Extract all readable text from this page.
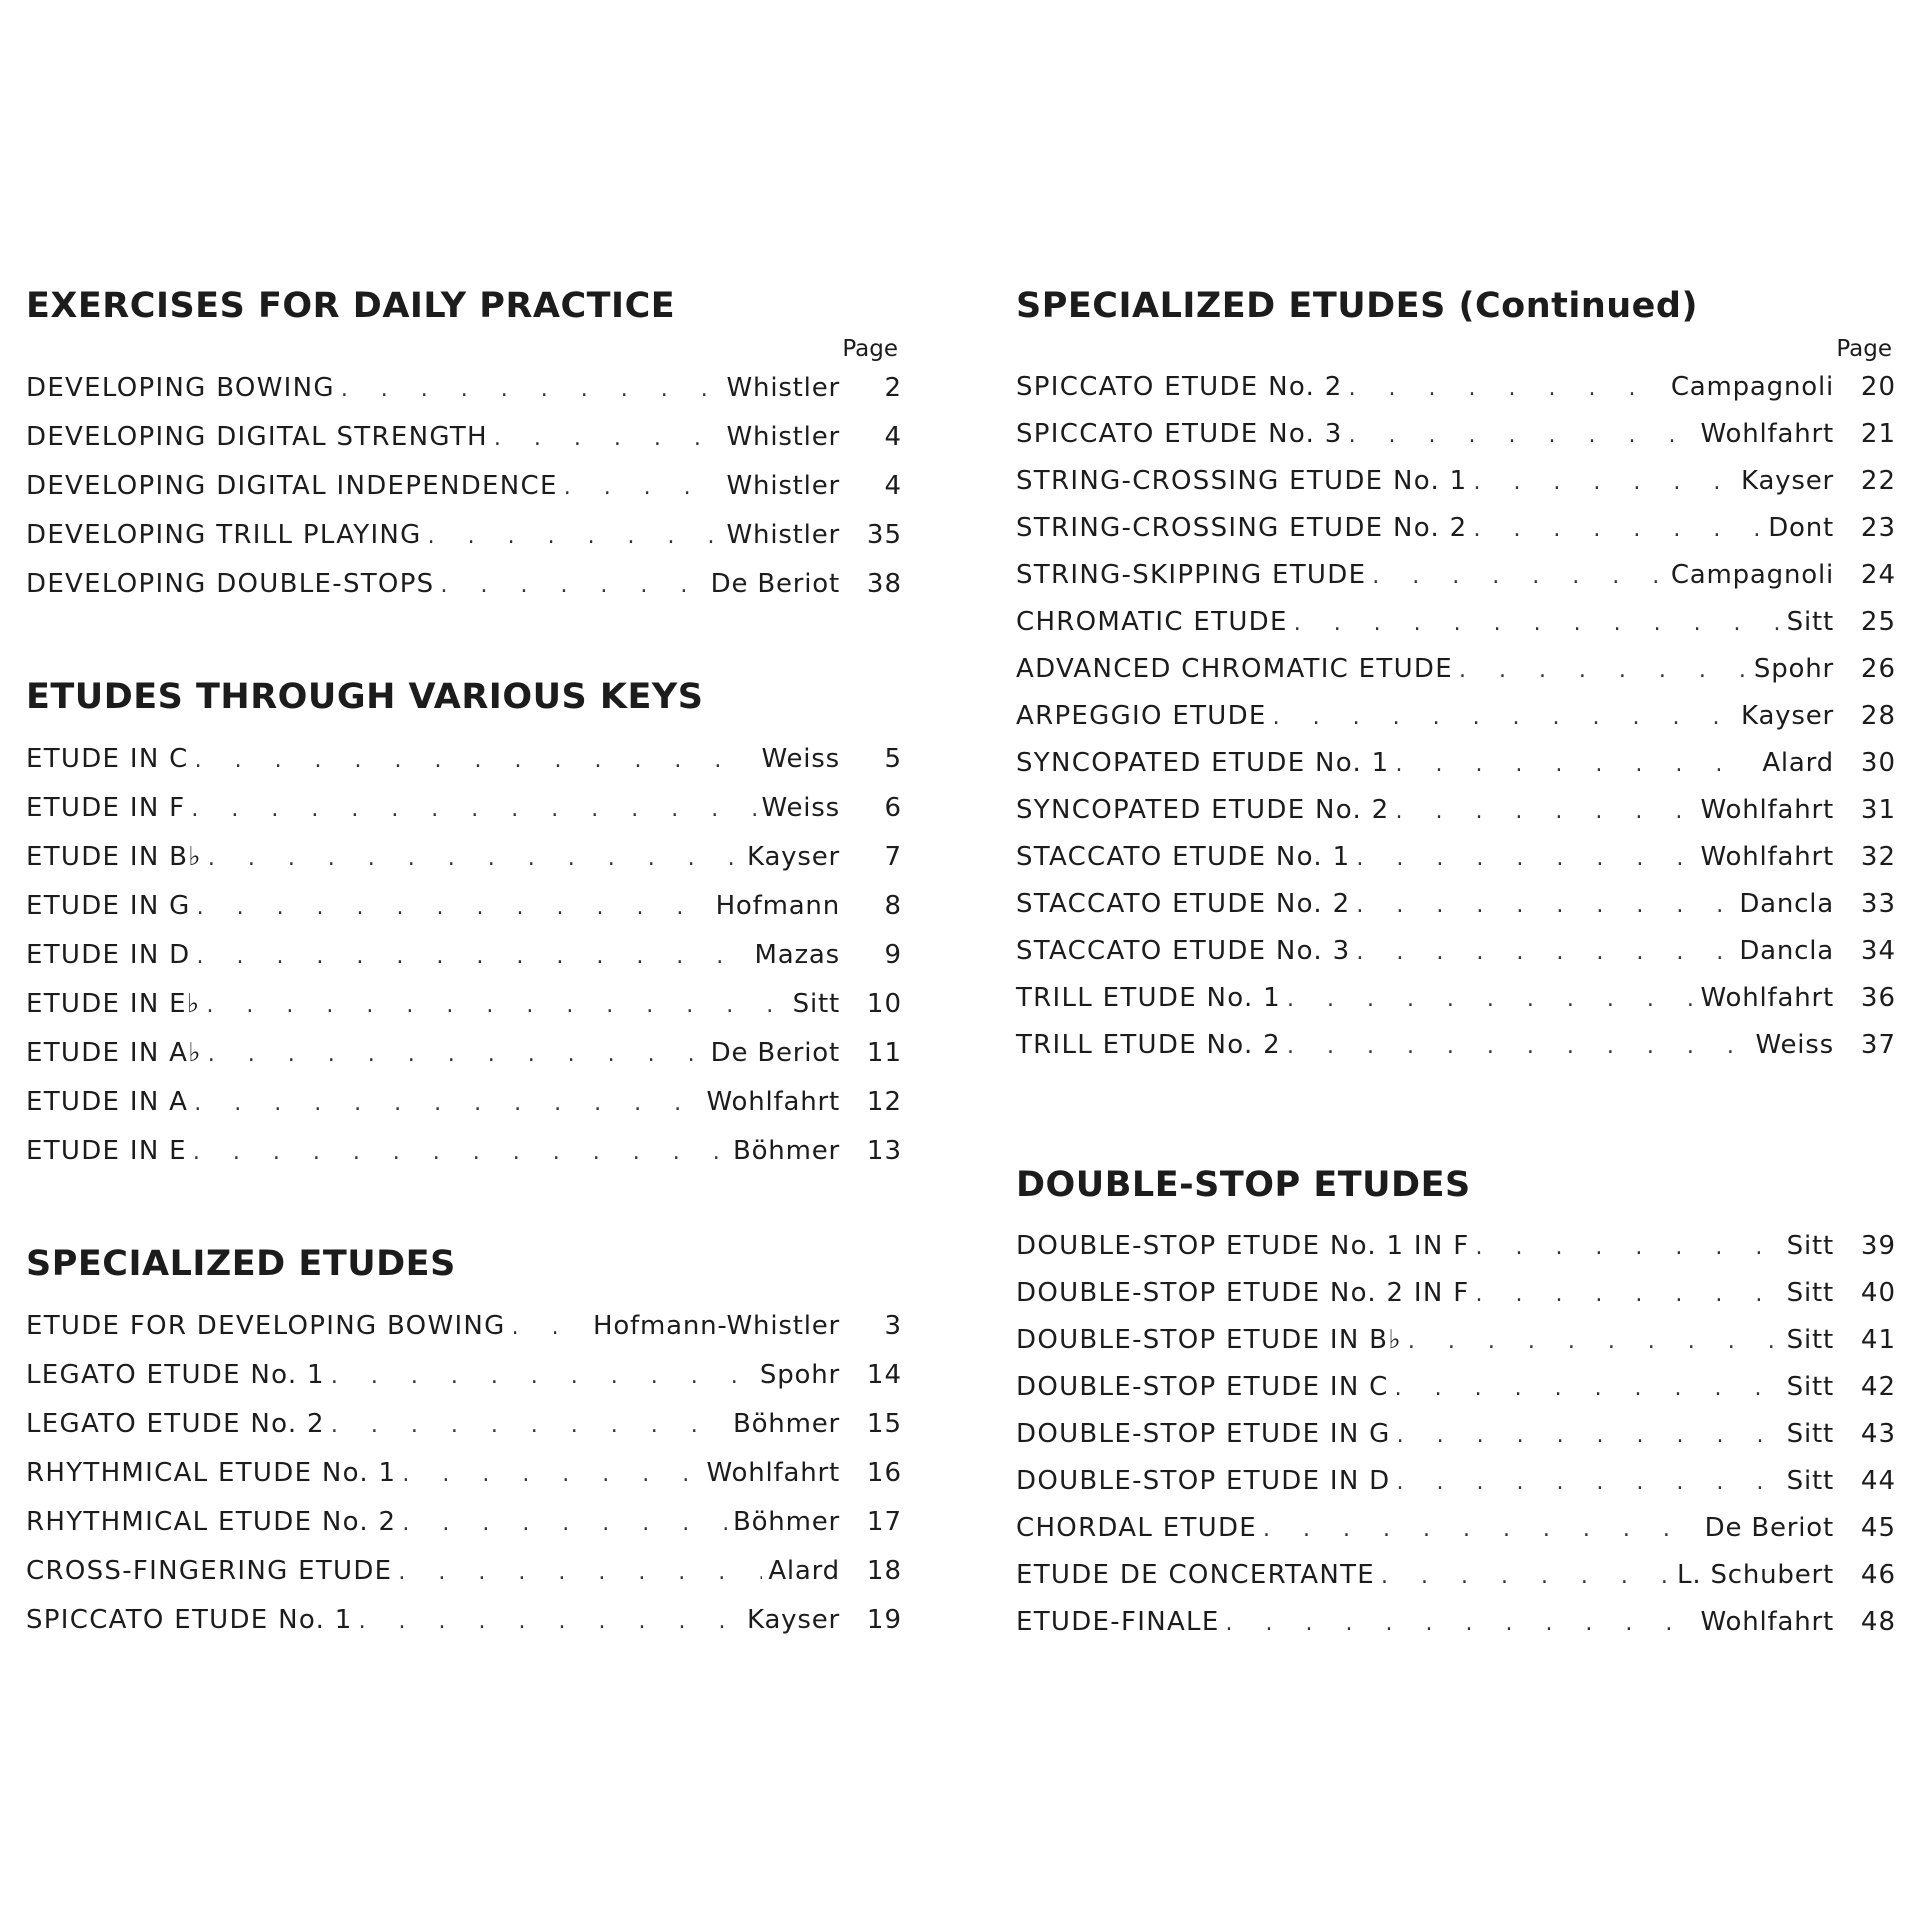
EXERCISES FOR DAILY PRACTICE
Page
DEVELOPING BOWING . . .	Whistler	2
DEVELOPING DIGITAL STRENGTH . . .	Whistler	4
DEVELOPING DIGITAL INDEPENDENCE . . .	Whistler	4
DEVELOPING TRILL PLAYING . . .	Whistler	35
DEVELOPING DOUBLE-STOPS . . .	De Beriot	38
ETUDES THROUGH VARIOUS KEYS
ETUDE IN C . . .	Weiss	5
ETUDE IN F . . .	Weiss	6
ETUDE IN B♭ . . .	Kayser	7
ETUDE IN G . . .	Hofmann	8
ETUDE IN D . . .	Mazas	9
ETUDE IN E♭ . . .	Sitt	10
ETUDE IN A♭ . . .	De Beriot	11
ETUDE IN A . . .	Wohlfahrt	12
ETUDE IN E . . .	Böhmer	13
SPECIALIZED ETUDES
ETUDE FOR DEVELOPING BOWING . . .	Hofmann-Whistler	3
LEGATO ETUDE No. 1 . . .	Spohr	14
LEGATO ETUDE No. 2 . . .	Böhmer	15
RHYTHMICAL ETUDE No. 1 . . .	Wohlfahrt	16
RHYTHMICAL ETUDE No. 2 . . .	Böhmer	17
CROSS-FINGERING ETUDE . . .	Alard	18
SPICCATO ETUDE No. 1 . . .	Kayser	19
SPECIALIZED ETUDES (Continued)
Page
SPICCATO ETUDE No. 2 . . .	Campagnoli	20
SPICCATO ETUDE No. 3 . . .	Wohlfahrt	21
STRING-CROSSING ETUDE No. 1 . . .	Kayser	22
STRING-CROSSING ETUDE No. 2 . . .	Dont	23
STRING-SKIPPING ETUDE . . .	Campagnoli	24
CHROMATIC ETUDE . . .	Sitt	25
ADVANCED CHROMATIC ETUDE . . .	Spohr	26
ARPEGGIO ETUDE . . .	Kayser	28
SYNCOPATED ETUDE No. 1 . . .	Alard	30
SYNCOPATED ETUDE No. 2 . . .	Wohlfahrt	31
STACCATO ETUDE No. 1 . . .	Wohlfahrt	32
STACCATO ETUDE No. 2 . . .	Dancla	33
STACCATO ETUDE No. 3 . . .	Dancla	34
TRILL ETUDE No. 1 . . .	Wohlfahrt	36
TRILL ETUDE No. 2 . . .	Weiss	37
DOUBLE-STOP ETUDES
DOUBLE-STOP ETUDE No. 1 IN F . . .	Sitt	39
DOUBLE-STOP ETUDE No. 2 IN F . . .	Sitt	40
DOUBLE-STOP ETUDE IN B♭ . . .	Sitt	41
DOUBLE-STOP ETUDE IN C . . .	Sitt	42
DOUBLE-STOP ETUDE IN G . . .	Sitt	43
DOUBLE-STOP ETUDE IN D . . .	Sitt	44
CHORDAL ETUDE . . .	De Beriot	45
ETUDE DE CONCERTANTE . . .	L. Schubert	46
ETUDE-FINALE . . .	Wohlfahrt	48
